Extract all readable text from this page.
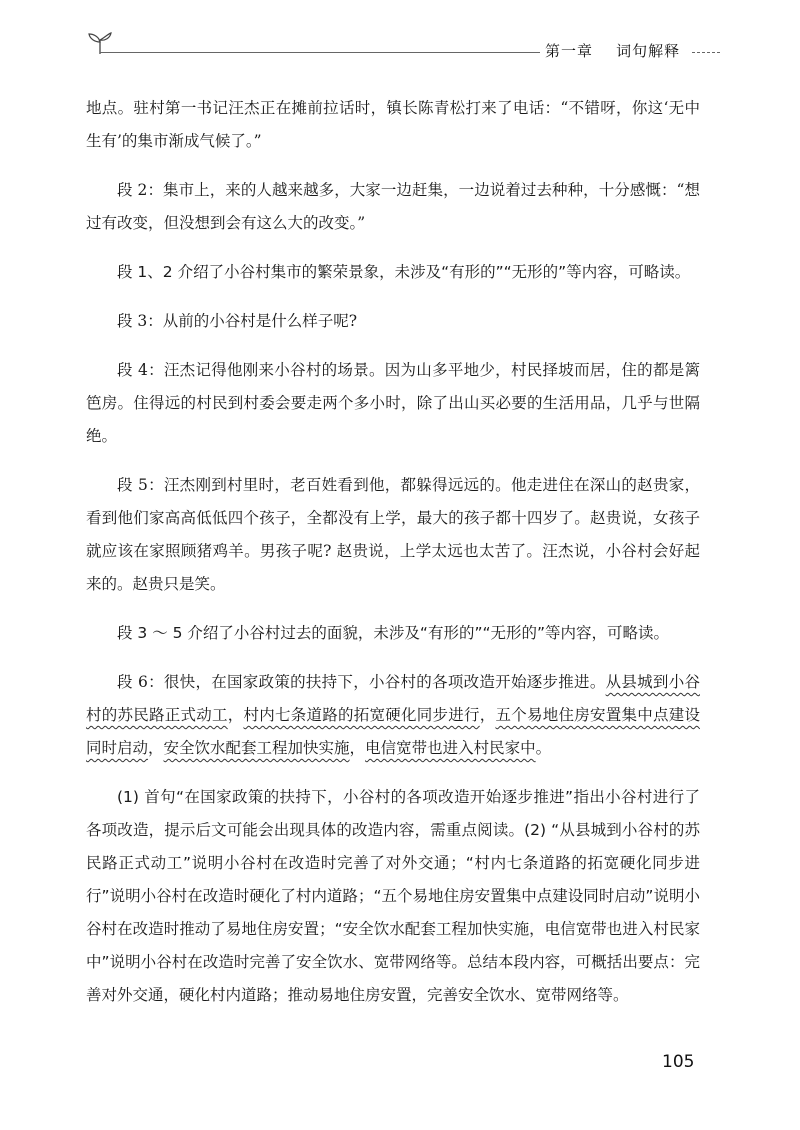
第一章 词句解释

地点。驻村第一书记汪杰正在摊前拉话时，镇长陈青松打来了电话：“不错呀，你这‘无中生有’的集市渐成气候了。”

段 2：集市上，来的人越来越多，大家一边赶集，一边说着过去种种，十分感慨：“想过有改变，但没想到会有这么大的改变。”

段 1、2 介绍了小谷村集市的繁荣景象，未涉及“有形的”“无形的”等内容，可略读。

段 3：从前的小谷村是什么样子呢?

段 4：汪杰记得他刚来小谷村的场景。因为山多平地少，村民择坡而居，住的都是篱笆房。住得远的村民到村委会要走两个多小时，除了出山买必要的生活用品，几乎与世隔绝。

段 5：汪杰刚到村里时，老百姓看到他，都躲得远远的。他走进住在深山的赵贵家，看到他们家高高低低四个孩子，全都没有上学，最大的孩子都十四岁了。赵贵说，女孩子就应该在家照顾猪鸡羊。男孩子呢? 赵贵说，上学太远也太苦了。汪杰说，小谷村会好起来的。赵贵只是笑。

段 3 ～ 5 介绍了小谷村过去的面貌，未涉及“有形的”“无形的”等内容，可略读。

段 6：很快，在国家政策的扶持下，小谷村的各项改造开始逐步推进。从县城到小谷村的苏民路正式动工，村内七条道路的拓宽硬化同步进行，五个易地住房安置集中点建设同时启动，安全饮水配套工程加快实施，电信宽带也进入村民家中。

(1) 首句“在国家政策的扶持下，小谷村的各项改造开始逐步推进”指出小谷村进行了各项改造，提示后文可能会出现具体的改造内容，需重点阅读。(2) “从县城到小谷村的苏民路正式动工”说明小谷村在改造时完善了对外交通；“村内七条道路的拓宽硬化同步进行”说明小谷村在改造时硬化了村内道路；“五个易地住房安置集中点建设同时启动”说明小谷村在改造时推动了易地住房安置；“安全饮水配套工程加快实施，电信宽带也进入村民家中”说明小谷村在改造时完善了安全饮水、宽带网络等。总结本段内容，可概括出要点：完善对外交通，硬化村内道路；推动易地住房安置，完善安全饮水、宽带网络等。

105
